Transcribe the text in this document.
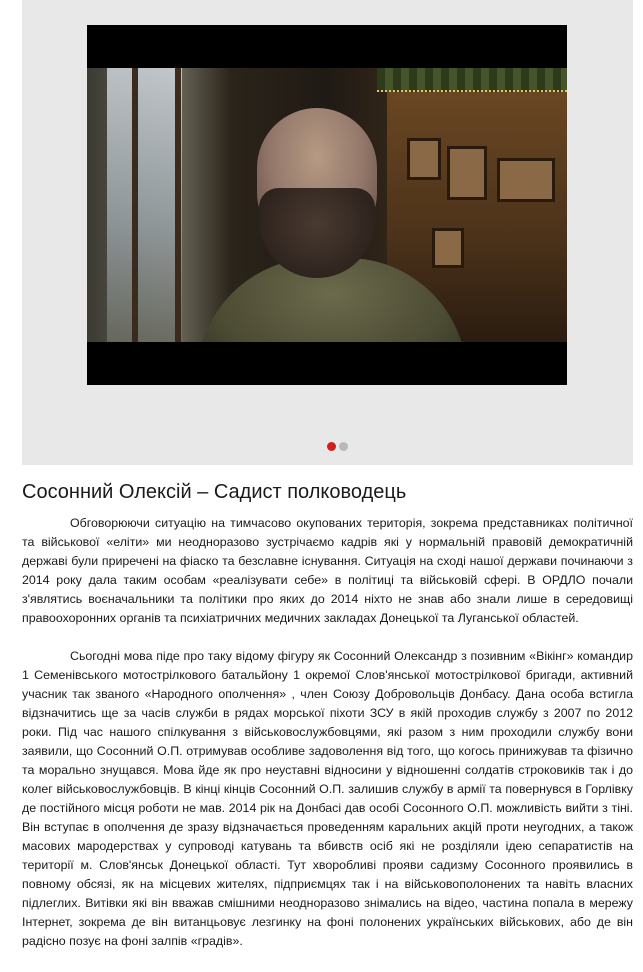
Сосонний Олексій – Садист полководець

Обговорюючи ситуацію на тимчасово окупованих територія, зокрема представниках політичної та військової «еліти» ми неодноразово зустрічаємо кадрів які у нормальній правовій демократичній державі були приречені на фіаско та безславне існування. Ситуація на сході нашої держави починаючи з 2014 року дала таким особам «реалізувати себе» в політиці та військовій сфері. В ОРДЛО почали з'являтись воєначальники та політики про яких до 2014 ніхто не знав або знали лише в середовищі правоохоронних органів та психіатричних медичних закладах Донецької та Луганської областей.

Сьогодні мова піде про таку відому фігуру як Сосонний Олександр з позивним «Вікінг» командир 1 Семенівського мотострілкового батальйону 1 окремої Слов'янської мотострілкової бригади, активний учасник так званого «Народного ополчення» , член Союзу Добровольців Донбасу. Дана особа встигла відзначитись ще за часів служби в рядах морської піхоти ЗСУ в якій проходив службу з 2007 по 2012 роки. Під час нашого спілкування з військовослужбовцями, які разом з ним проходили службу вони заявили, що Сосонний О.П. отримував особливе задоволення від того, що когось принижував та фізично та морально знущався. Мова йде як про неуставні відносини у відношенні солдатів строковиків так і до колег військовослужбовців. В кінці кінців Сосонний О.П. залишив службу в армії та повернувся в Горлівку де постійного місця роботи не мав. 2014 рік на Донбасі дав особі Сосонного О.П. можливість вийти з тіні. Він вступає в ополчення де зразу відзначається проведенням каральних акцій проти неугодних, а також масових мародерствах у супроводі катувань та вбивств осіб які не розділяли ідею сепаратистів на території м. Слов'янськ Донецької області. Тут хворобливі прояви садизму Сосонного проявились в повному обсязі, як на місцевих жителях, підприємцях так і на військовополонених та навіть власних підлеглих. Витівки які він вважав смішними неодноразово знімались на відео, частина попала в мережу Інтернет, зокрема де він витанцьовує лезгинку на фоні полонених українських військових, або де він радісно позує на фоні залпів «градів».
